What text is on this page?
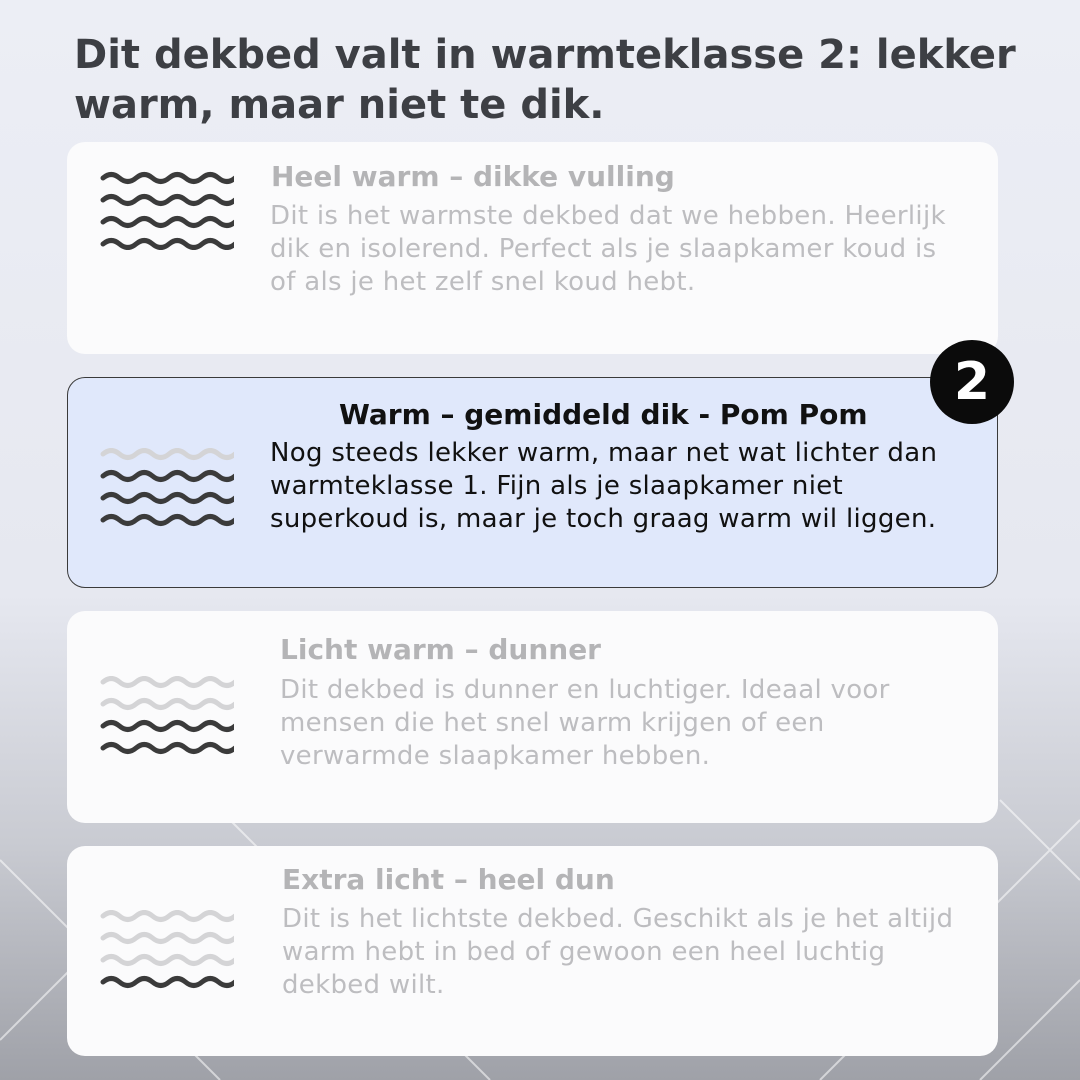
Dit dekbed valt in warmteklasse 2: lekker warm, maar niet te dik.

Heel warm – dikke vulling

Dit is het warmste dekbed dat we hebben. Heerlijk dik en isolerend. Perfect als je slaapkamer koud is of als je het zelf snel koud hebt.

Warm – gemiddeld dik - Pom Pom

Nog steeds lekker warm, maar net wat lichter dan warmteklasse 1. Fijn als je slaapkamer niet superkoud is, maar je toch graag warm wil liggen.

2

Licht warm – dunner

Dit dekbed is dunner en luchtiger. Ideaal voor mensen die het snel warm krijgen of een verwarmde slaapkamer hebben.

Extra licht – heel dun

Dit is het lichtste dekbed. Geschikt als je het altijd warm hebt in bed of gewoon een heel luchtig dekbed wilt.
